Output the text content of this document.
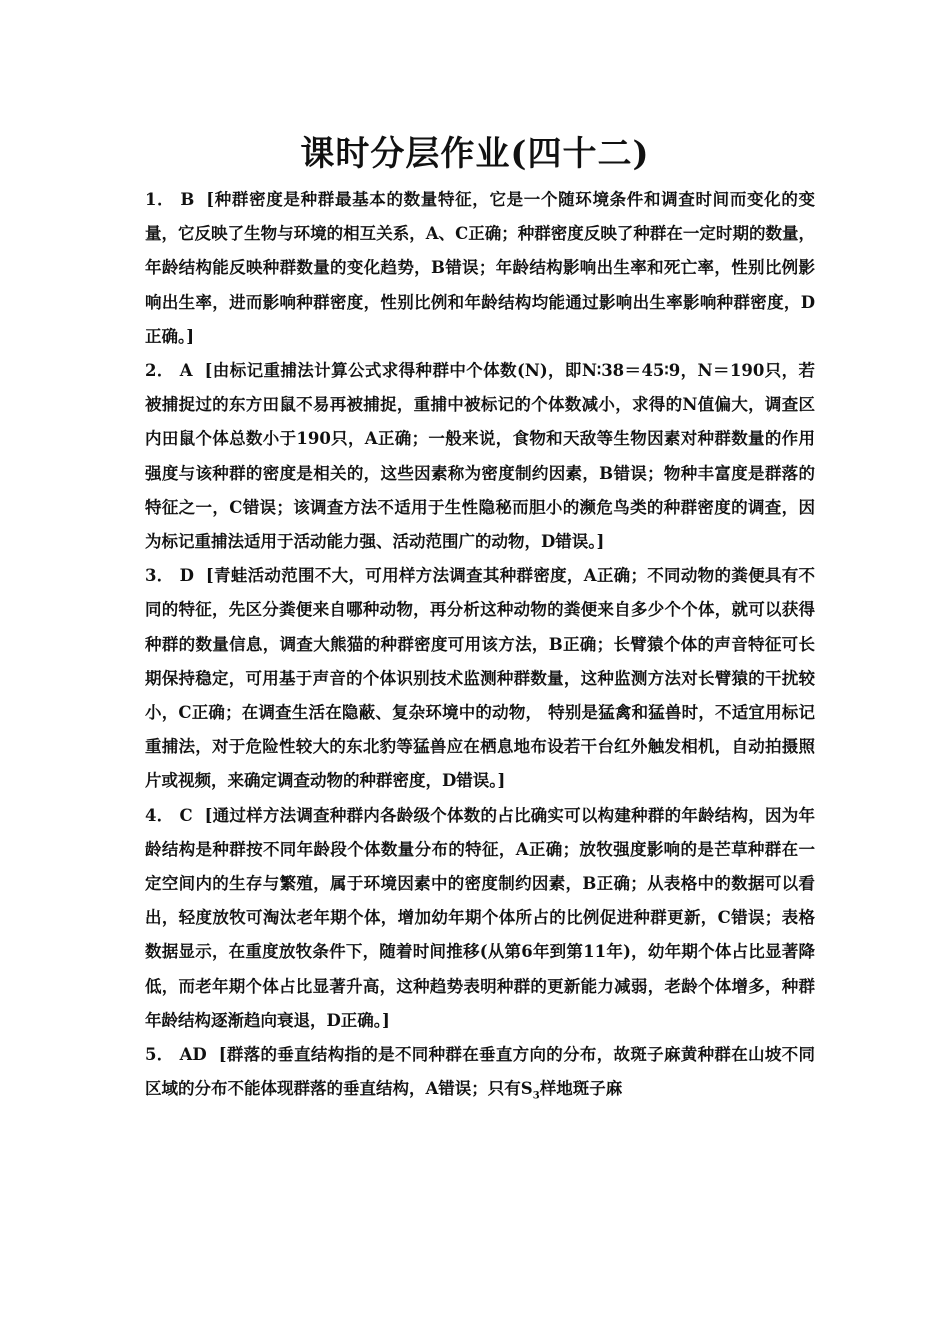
课时分层作业(四十二)

1． B [种群密度是种群最基本的数量特征，它是一个随环境条件和调查时间而变化的变量，它反映了生物与环境的相互关系，A、C正确；种群密度反映了种群在一定时期的数量，年龄结构能反映种群数量的变化趋势，B错误；年龄结构影响出生率和死亡率，性别比例影响出生率，进而影响种群密度，性别比例和年龄结构均能通过影响出生率影响种群密度，D正确。]

2． A [由标记重捕法计算公式求得种群中个体数(N)，即N∶38＝45∶9，N＝190只，若被捕捉过的东方田鼠不易再被捕捉，重捕中被标记的个体数减小，求得的N值偏大，调查区内田鼠个体总数小于190只，A正确；一般来说，食物和天敌等生物因素对种群数量的作用强度与该种群的密度是相关的，这些因素称为密度制约因素，B错误；物种丰富度是群落的特征之一，C错误；该调查方法不适用于生性隐秘而胆小的濒危鸟类的种群密度的调查，因为标记重捕法适用于活动能力强、活动范围广的动物，D错误。]

3． D [青蛙活动范围不大，可用样方法调查其种群密度，A正确；不同动物的粪便具有不同的特征，先区分粪便来自哪种动物，再分析这种动物的粪便来自多少个个体，就可以获得种群的数量信息，调查大熊猫的种群密度可用该方法，B正确；长臂猿个体的声音特征可长期保持稳定，可用基于声音的个体识别技术监测种群数量，这种监测方法对长臂猿的干扰较小，C正确；在调查生活在隐蔽、复杂环境中的动物， 特别是猛禽和猛兽时，不适宜用标记重捕法，对于危险性较大的东北豹等猛兽应在栖息地布设若干台红外触发相机，自动拍摄照片或视频，来确定调查动物的种群密度，D错误。]

4． C [通过样方法调查种群内各龄级个体数的占比确实可以构建种群的年龄结构，因为年龄结构是种群按不同年龄段个体数量分布的特征，A正确；放牧强度影响的是芒草种群在一定空间内的生存与繁殖，属于环境因素中的密度制约因素，B正确；从表格中的数据可以看出，轻度放牧可淘汰老年期个体，增加幼年期个体所占的比例促进种群更新，C错误；表格数据显示，在重度放牧条件下，随着时间推移(从第6年到第11年)，幼年期个体占比显著降低，而老年期个体占比显著升高，这种趋势表明种群的更新能力减弱，老龄个体增多，种群年龄结构逐渐趋向衰退，D正确。]

5． AD [群落的垂直结构指的是不同种群在垂直方向的分布，故斑子麻黄种群在山坡不同区域的分布不能体现群落的垂直结构，A错误；只有$S_3$样地斑子麻
